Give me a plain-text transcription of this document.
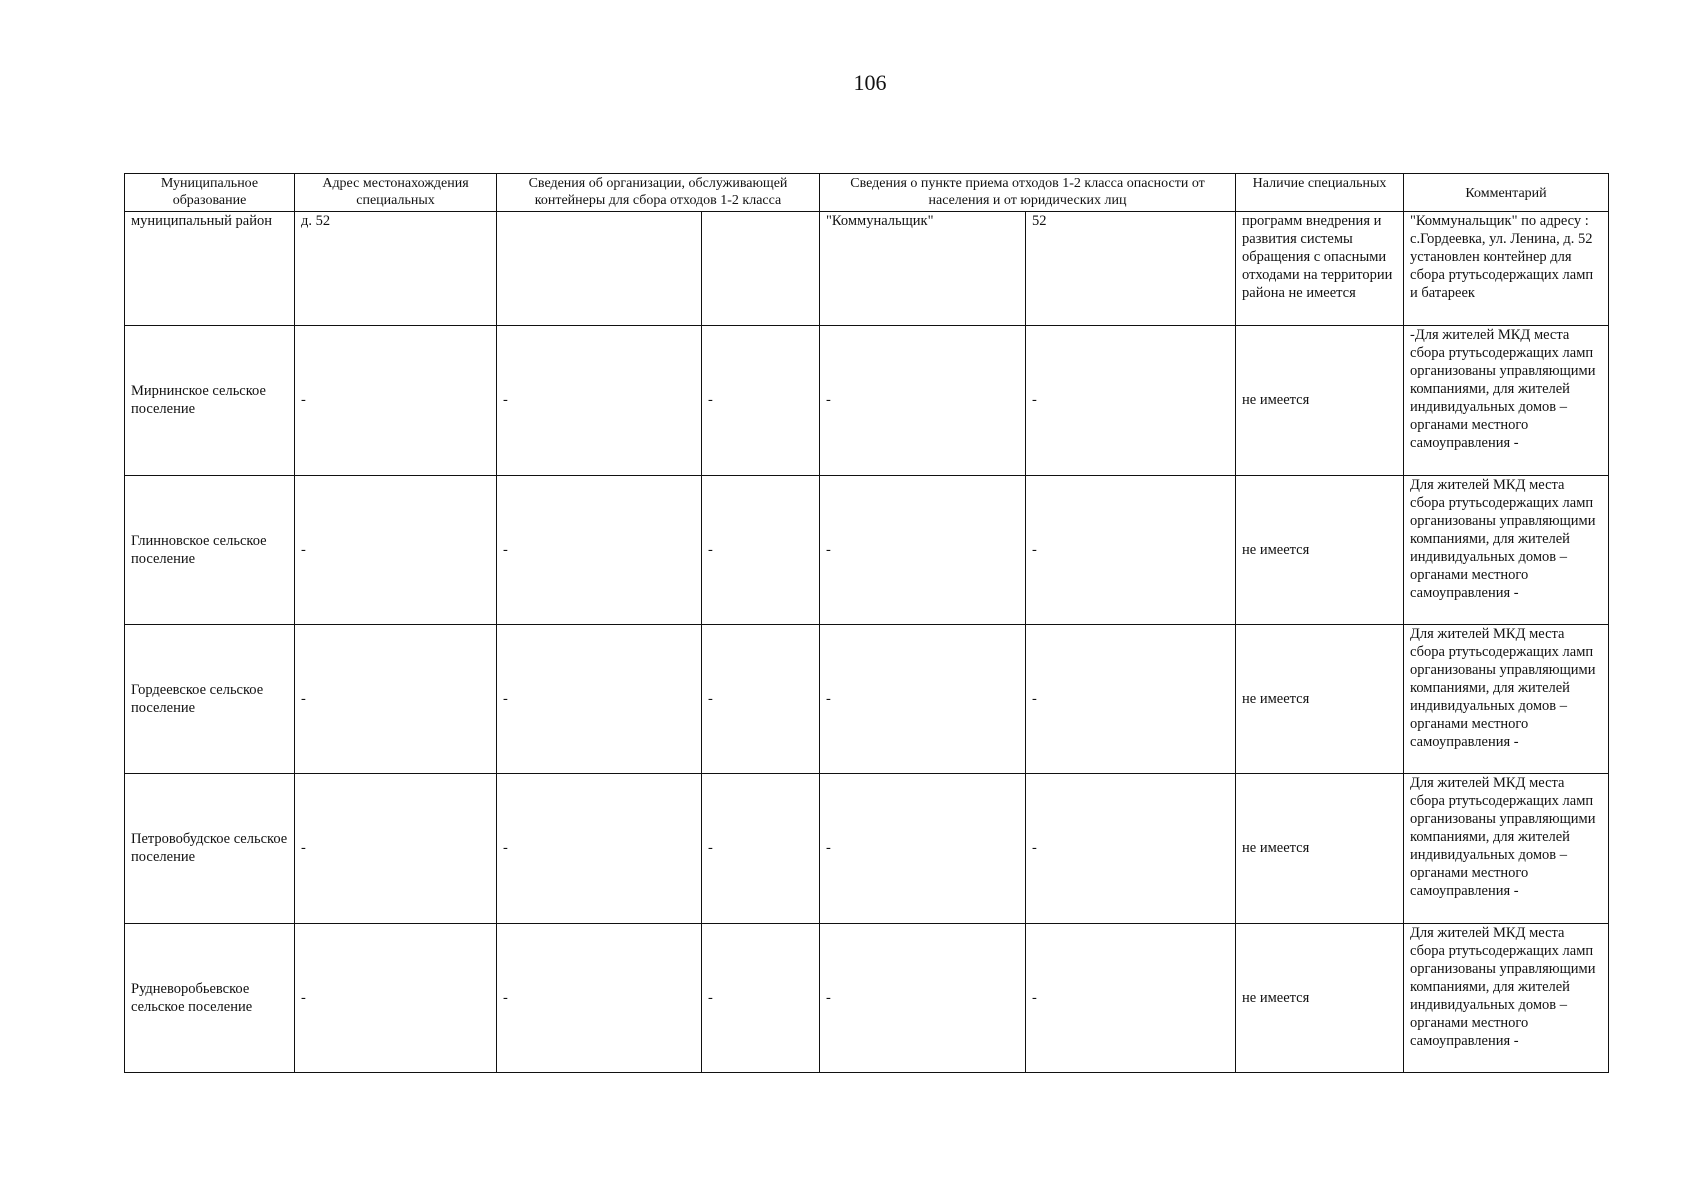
106
Муниципальное образование	Адрес местонахождения специальных	Сведения об организации, обслуживающей контейнеры для сбора отходов 1-2 класса		Сведения о пункте приема отходов 1-2 класса опасности от населения и от юридических лиц		Наличие специальных	Комментарий
муниципальный район	д. 52			"Коммунальщик"	52	программ внедрения и развития системы обращения с опасными отходами на территории района не имеется	"Коммунальщик" по адресу : с.Гордеевка, ул. Ленина, д. 52 установлен контейнер для сбора ртутьсодержащих ламп и батареек
Мирнинское сельское поселение	-	-	-	-	-	не имеется	-Для жителей МКД места сбора ртутьсодержащих ламп организованы управляющими компаниями, для жителей индивидуальных домов – органами местного самоуправления -
Глинновское сельское поселение	-	-	-	-	-	не имеется	Для жителей МКД места сбора ртутьсодержащих ламп организованы управляющими компаниями, для жителей индивидуальных домов – органами местного самоуправления -
Гордеевское сельское поселение	-	-	-	-	-	не имеется	Для жителей МКД места сбора ртутьсодержащих ламп организованы управляющими компаниями, для жителей индивидуальных домов – органами местного самоуправления -
Петровобудское сельское поселение	-	-	-	-	-	не имеется	Для жителей МКД места сбора ртутьсодержащих ламп организованы управляющими компаниями, для жителей индивидуальных домов – органами местного самоуправления -
Рудневоробьевское сельское поселение	-	-	-	-	-	не имеется	Для жителей МКД места сбора ртутьсодержащих ламп организованы управляющими компаниями, для жителей индивидуальных домов – органами местного самоуправления -
